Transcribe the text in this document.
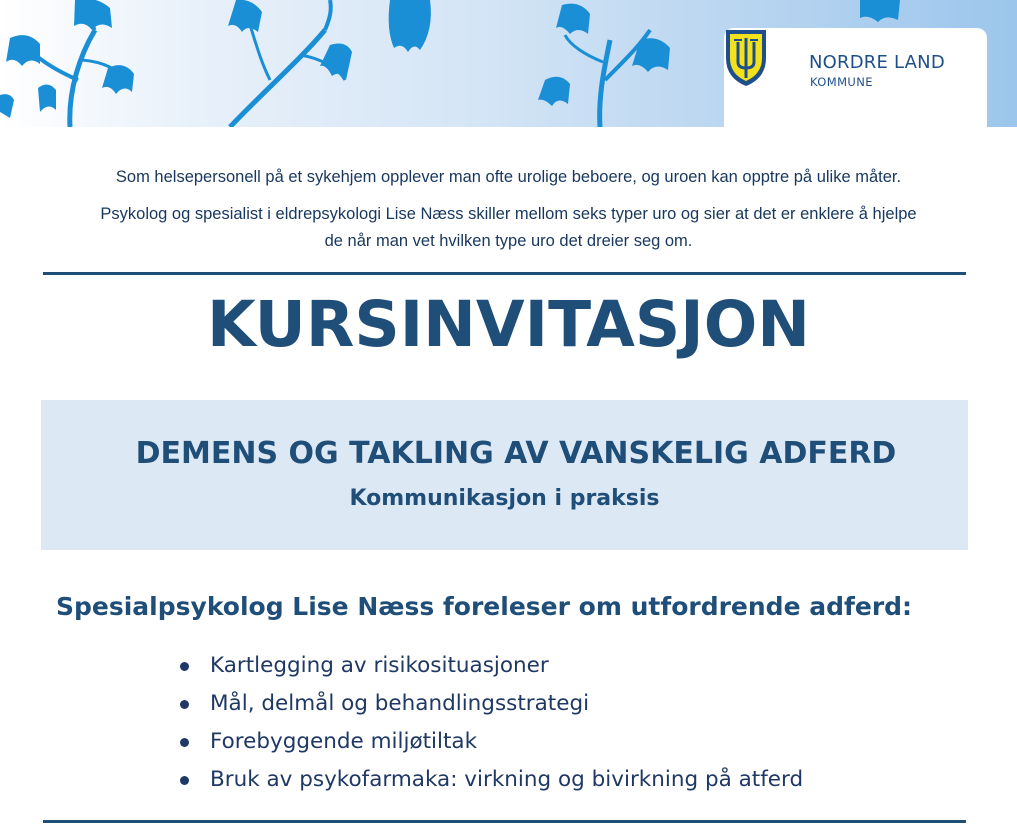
NORDRE LAND
KOMMUNE
Som helsepersonell på et sykehjem opplever man ofte urolige beboere, og uroen kan opptre på ulike måter.
Psykolog og spesialist i eldrepsykologi Lise Næss skiller mellom seks typer uro og sier at det er enklere å hjelpe
de når man vet hvilken type uro det dreier seg om.
KURSINVITASJON
DEMENS OG TAKLING AV VANSKELIG ADFERD
Kommunikasjon i praksis
Spesialpsykolog Lise Næss foreleser om utfordrende adferd:
Kartlegging av risikosituasjoner
Mål, delmål og behandlingsstrategi
Forebyggende miljøtiltak
Bruk av psykofarmaka: virkning og bivirkning på atferd
